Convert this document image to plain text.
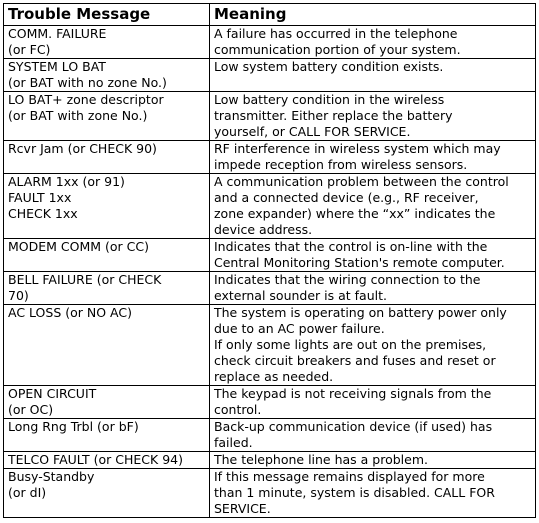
Trouble Message	Meaning

COMM. FAILURE
(or FC)	A failure has occurred in the telephone
communication portion of your system.

SYSTEM LO BAT
(or BAT with no zone No.)	Low system battery condition exists.

LO BAT+ zone descriptor
(or BAT with zone No.)	Low battery condition in the wireless
transmitter. Either replace the battery
yourself, or CALL FOR SERVICE.

Rcvr Jam (or CHECK 90)	RF interference in wireless system which may
impede reception from wireless sensors.

ALARM 1xx (or 91)
FAULT 1xx
CHECK 1xx	A communication problem between the control
and a connected device (e.g., RF receiver,
zone expander) where the “xx” indicates the
device address.

MODEM COMM (or CC)	Indicates that the control is on-line with the
Central Monitoring Station's remote computer.

BELL FAILURE (or CHECK
70)	Indicates that the wiring connection to the
external sounder is at fault.

AC LOSS (or NO AC)	The system is operating on battery power only
due to an AC power failure.
If only some lights are out on the premises,
check circuit breakers and fuses and reset or
replace as needed.

OPEN CIRCUIT
(or OC)	The keypad is not receiving signals from the
control.

Long Rng Trbl (or bF)	Back-up communication device (if used) has
failed.

TELCO FAULT (or CHECK 94)	The telephone line has a problem.

Busy-Standby
(or dI)	If this message remains displayed for more
than 1 minute, system is disabled. CALL FOR
SERVICE.
